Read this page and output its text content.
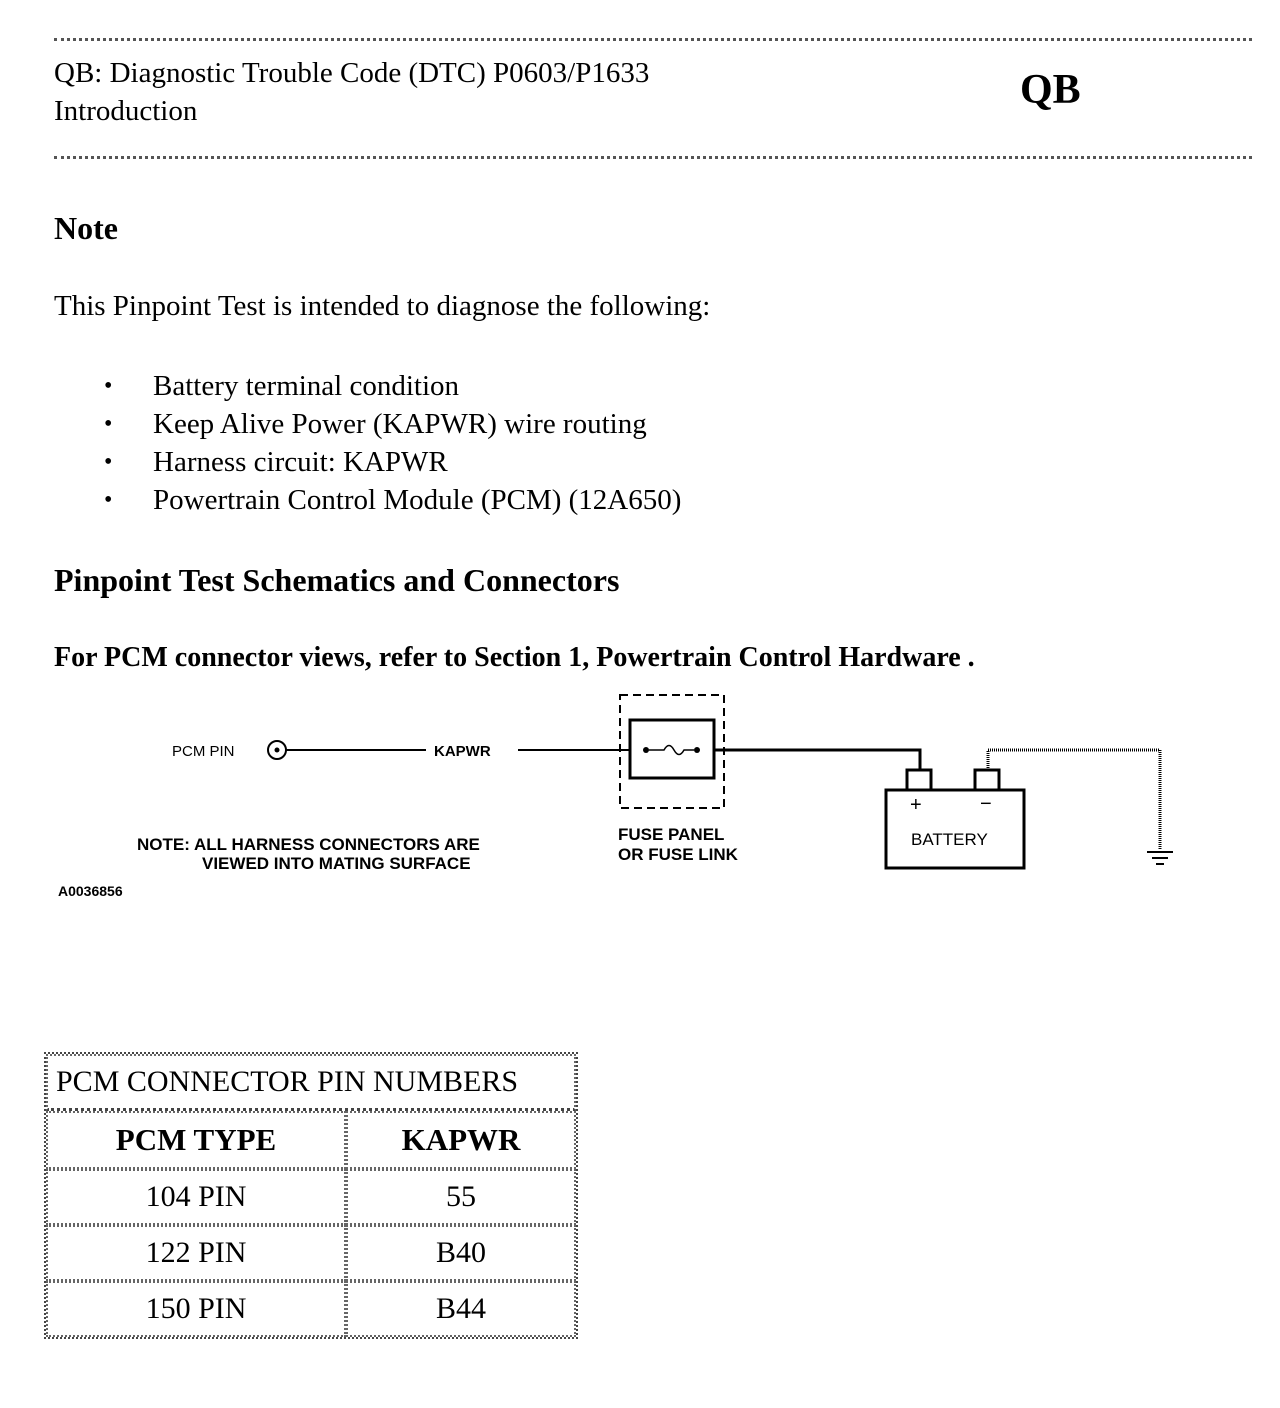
QB: Diagnostic Trouble Code (DTC) P0603/P1633
Introduction	QB
Note
This Pinpoint Test is intended to diagnose the following:
• Battery terminal condition
• Keep Alive Power (KAPWR) wire routing
• Harness circuit: KAPWR
• Powertrain Control Module (PCM) (12A650)
Pinpoint Test Schematics and Connectors
For PCM connector views, refer to Section 1, Powertrain Control Hardware .
PCM PIN	KAPWR
FUSE PANEL
OR FUSE LINK
+	−
BATTERY
NOTE: ALL HARNESS CONNECTORS ARE
VIEWED INTO MATING SURFACE
A0036856
PCM CONNECTOR PIN NUMBERS	
PCM TYPE	KAPWR
104 PIN	55
122 PIN	B40
150 PIN	B44
